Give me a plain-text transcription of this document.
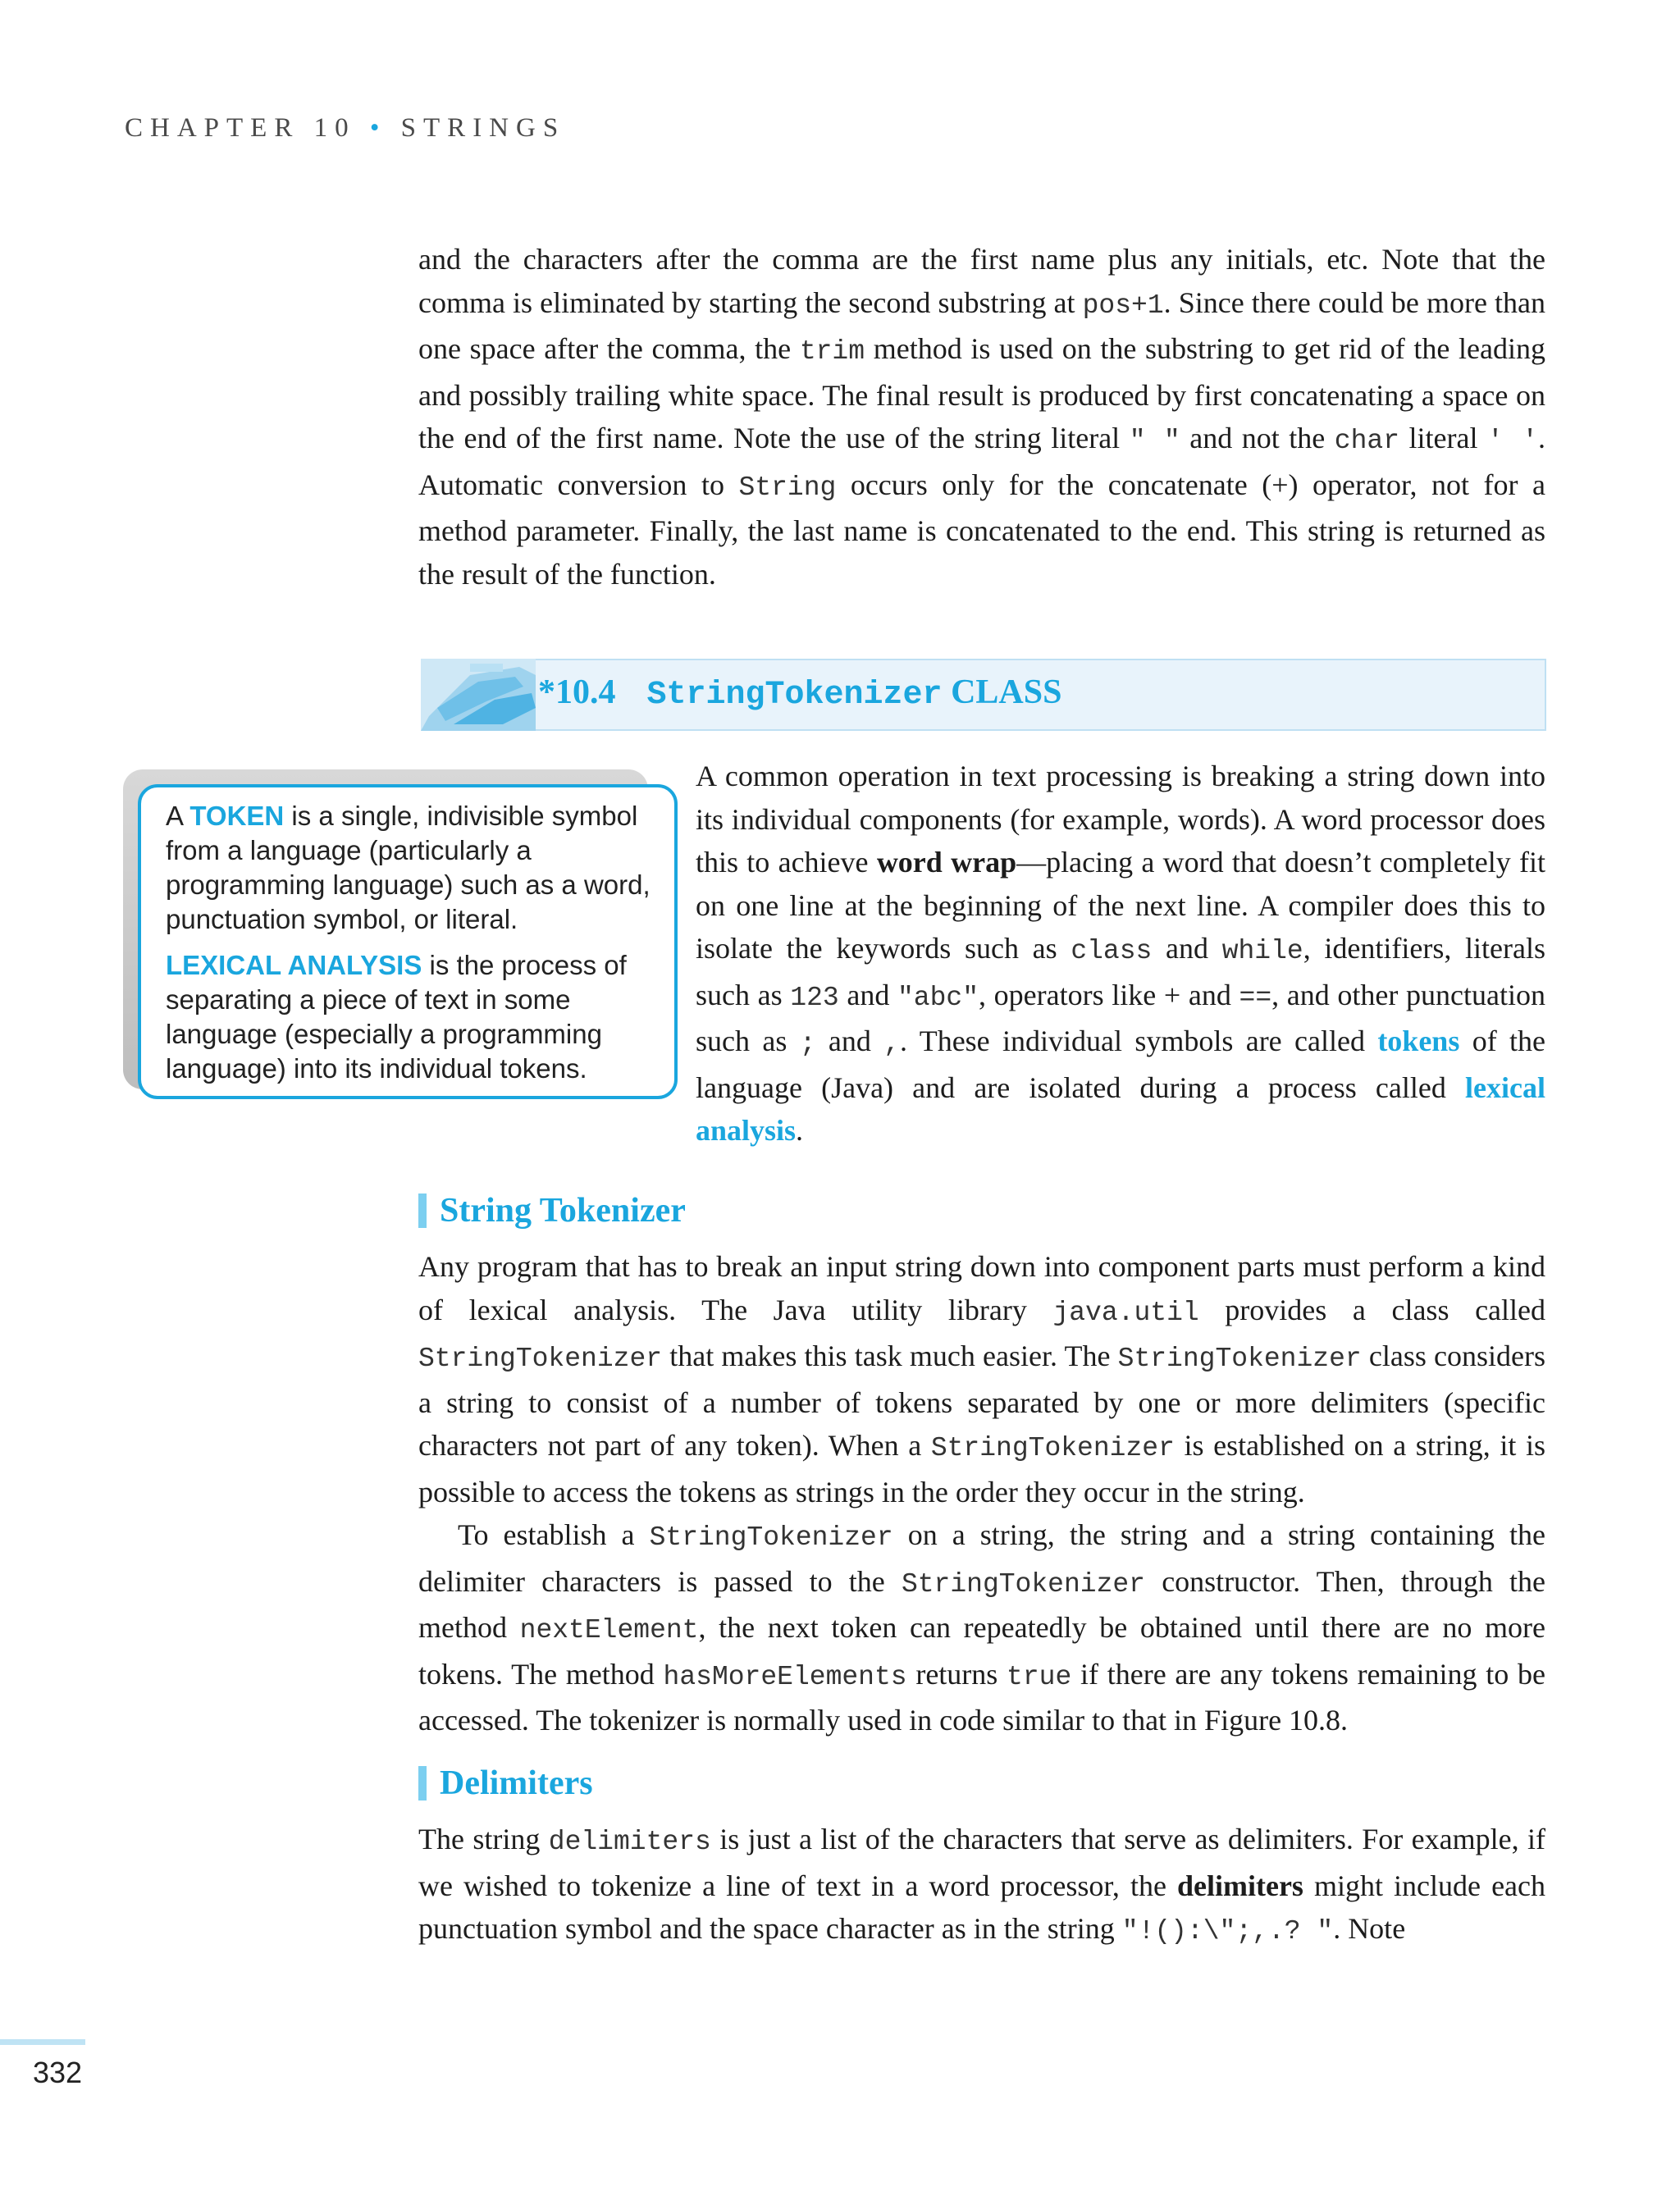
CHAPTER 10 • STRINGS

and the characters after the comma are the first name plus any initials, etc. Note that the comma is eliminated by starting the second substring at pos+1. Since there could be more than one space after the comma, the trim method is used on the substring to get rid of the leading and possibly trailing white space. The final result is produced by first concatenating a space on the end of the first name. Note the use of the string literal " " and not the char literal ' '. Automatic conversion to String occurs only for the concatenate (+) operator, not for a method parameter. Finally, the last name is concatenated to the end. This string is returned as the result of the function.

*10.4 StringTokenizer CLASS

A TOKEN is a single, indivisible symbol from a language (particularly a programming language) such as a word, punctuation symbol, or literal.

LEXICAL ANALYSIS is the process of separating a piece of text in some language (especially a programming language) into its individual tokens.

A common operation in text processing is breaking a string down into its individual components (for example, words). A word processor does this to achieve word wrap—placing a word that doesn’t completely fit on one line at the beginning of the next line. A compiler does this to isolate the keywords such as class and while, identifiers, literals such as 123 and "abc", operators like + and ==, and other punctuation such as ; and ,. These individual symbols are called tokens of the language (Java) and are isolated during a process called lexical analysis.

String Tokenizer

Any program that has to break an input string down into component parts must perform a kind of lexical analysis. The Java utility library java.util provides a class called StringTokenizer that makes this task much easier. The StringTokenizer class considers a string to consist of a number of tokens separated by one or more delimiters (specific characters not part of any token). When a StringTokenizer is established on a string, it is possible to access the tokens as strings in the order they occur in the string.

To establish a StringTokenizer on a string, the string and a string containing the delimiter characters is passed to the StringTokenizer constructor. Then, through the method nextElement, the next token can repeatedly be obtained until there are no more tokens. The method hasMoreElements returns true if there are any tokens remaining to be accessed. The tokenizer is normally used in code similar to that in Figure 10.8.

Delimiters

The string delimiters is just a list of the characters that serve as delimiters. For example, if we wished to tokenize a line of text in a word processor, the delimiters might include each punctuation symbol and the space character as in the string "!():\";,.? ". Note

332
